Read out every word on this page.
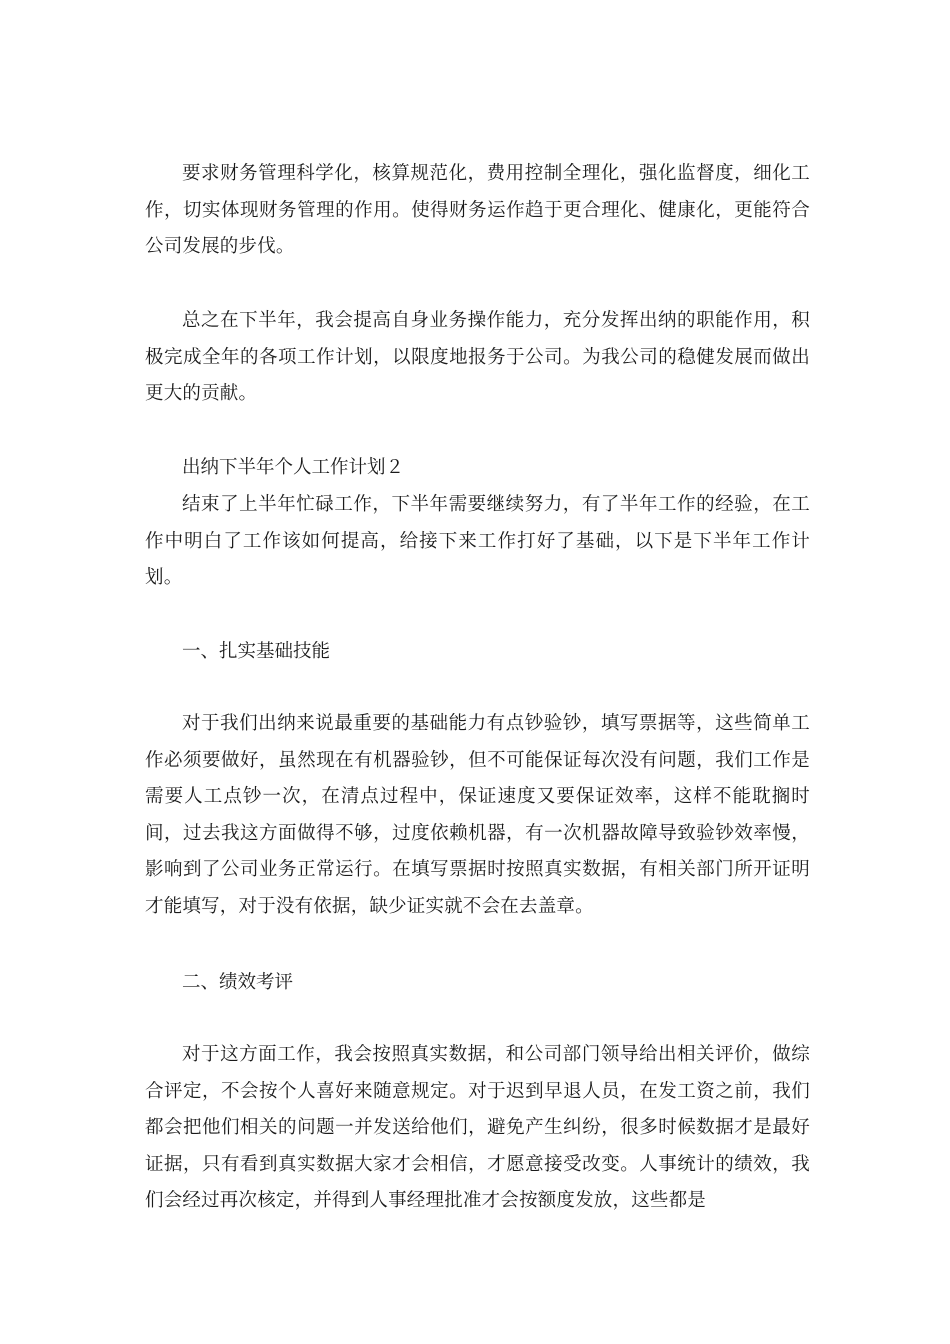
要求财务管理科学化，核算规范化，费用控制全理化，强化监督度，细化工作，切实体现财务管理的作用。使得财务运作趋于更合理化、健康化，更能符合公司发展的步伐。

总之在下半年，我会提高自身业务操作能力，充分发挥出纳的职能作用，积极完成全年的各项工作计划，以限度地报务于公司。为我公司的稳健发展而做出更大的贡献。

出纳下半年个人工作计划２

结束了上半年忙碌工作，下半年需要继续努力，有了半年工作的经验，在工作中明白了工作该如何提高，给接下来工作打好了基础，以下是下半年工作计划。

一、扎实基础技能

对于我们出纳来说最重要的基础能力有点钞验钞，填写票据等，这些简单工作必须要做好，虽然现在有机器验钞，但不可能保证每次没有问题，我们工作是需要人工点钞一次，在清点过程中，保证速度又要保证效率，这样不能耽搁时间，过去我这方面做得不够，过度依赖机器，有一次机器故障导致验钞效率慢，影响到了公司业务正常运行。在填写票据时按照真实数据，有相关部门所开证明才能填写，对于没有依据，缺少证实就不会在去盖章。

二、绩效考评

对于这方面工作，我会按照真实数据，和公司部门领导给出相关评价，做综合评定，不会按个人喜好来随意规定。对于迟到早退人员，在发工资之前，我们都会把他们相关的问题一并发送给他们，避免产生纠纷，很多时候数据才是最好证据，只有看到真实数据大家才会相信，才愿意接受改变。人事统计的绩效，我们会经过再次核定，并得到人事经理批准才会按额度发放，这些都是
